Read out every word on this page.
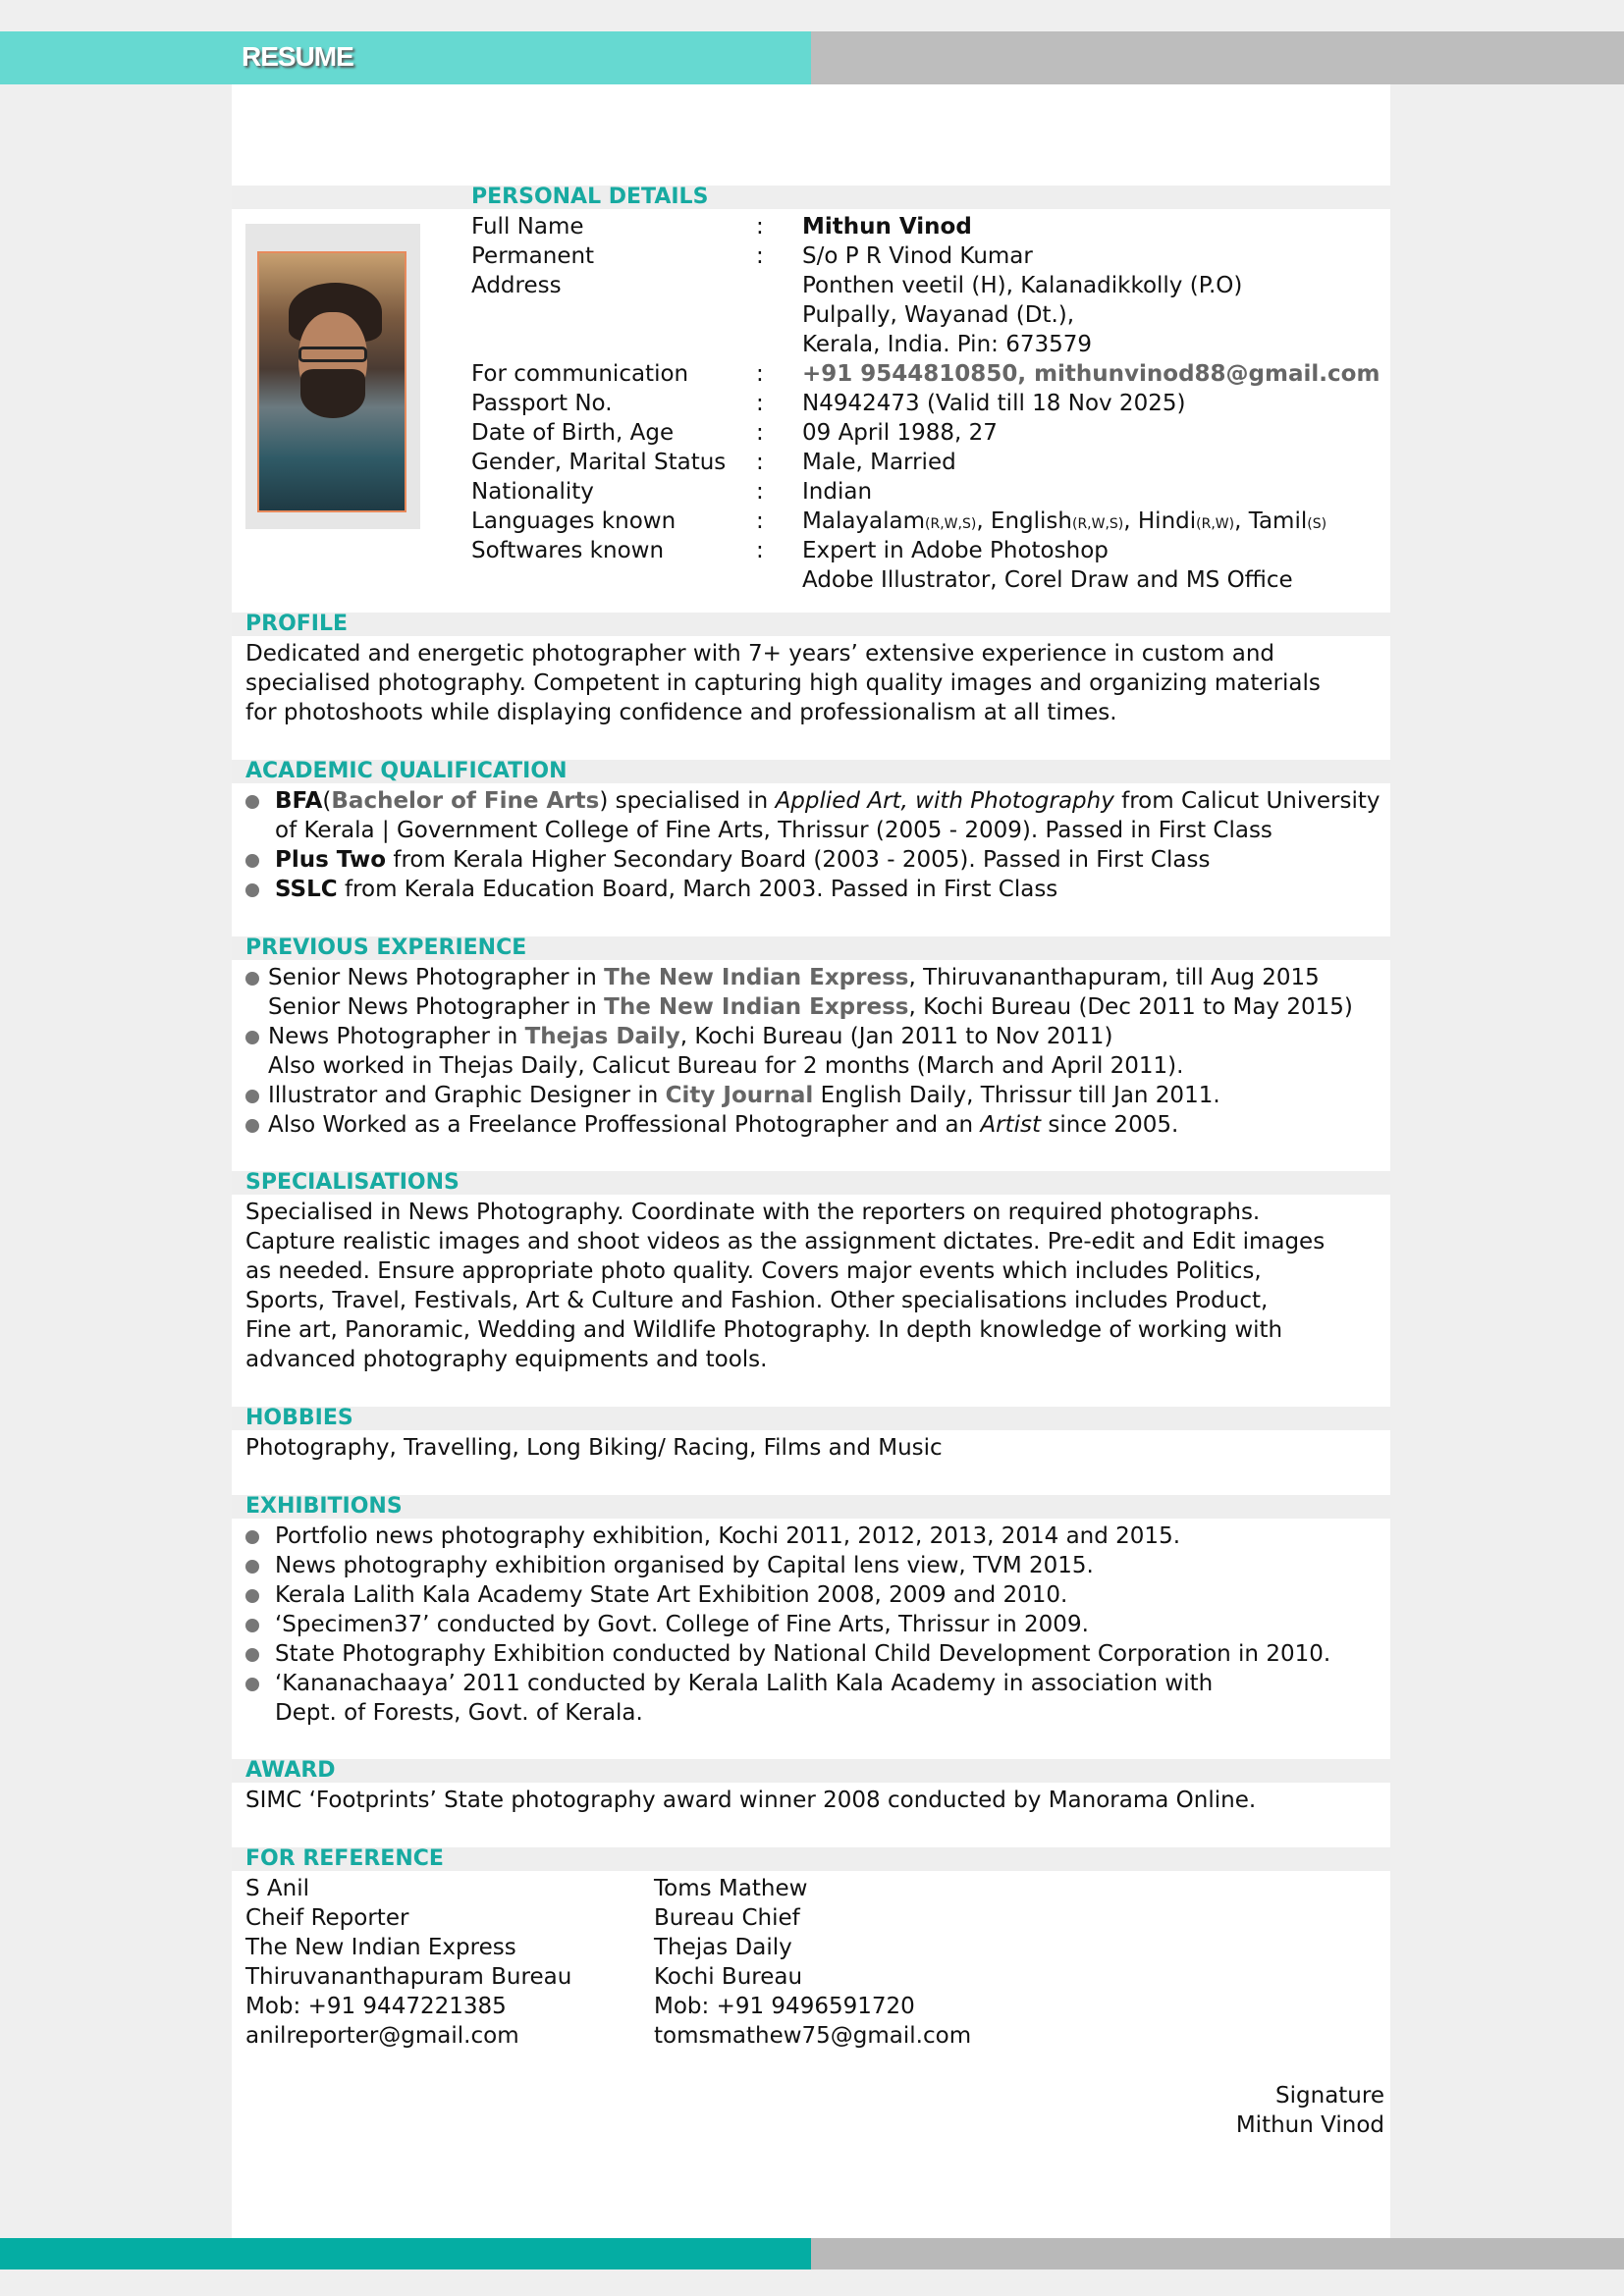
RESUME
PERSONAL DETAILS
Full Name	: Mithun Vinod
Permanent	: S/o P R Vinod Kumar
Address	Ponthen veetil (H), Kalanadikkolly (P.O)
Pulpally, Wayanad (Dt.),
Kerala, India. Pin: 673579
For communication	: +91 9544810850, mithunvinod88@gmail.com
Passport No.	: N4942473 (Valid till 18 Nov 2025)
Date of Birth, Age	: 09 April 1988, 27
Gender, Marital Status : Male, Married
Nationality	: Indian
Languages known	: Malayalam(R,W,S), English(R,W,S), Hindi(R,W), Tamil(S)
Softwares known	: Expert in Adobe Photoshop
Adobe Illustrator, Corel Draw and MS Office
PROFILE
Dedicated and energetic photographer with 7+ years’ extensive experience in custom and
specialised photography. Competent in capturing high quality images and organizing materials
for photoshoots while displaying confidence and professionalism at all times.
ACADEMIC QUALIFICATION
BFA(Bachelor of Fine Arts) specialised in Applied Art, with Photography from Calicut University
of Kerala | Government College of Fine Arts, Thrissur (2005 - 2009). Passed in First Class
Plus Two from Kerala Higher Secondary Board (2003 - 2005). Passed in First Class
SSLC from Kerala Education Board, March 2003. Passed in First Class
PREVIOUS EXPERIENCE
Senior News Photographer in The New Indian Express, Thiruvananthapuram, till Aug 2015
Senior News Photographer in The New Indian Express, Kochi Bureau (Dec 2011 to May 2015)
News Photographer in Thejas Daily, Kochi Bureau (Jan 2011 to Nov 2011)
Also worked in Thejas Daily, Calicut Bureau for 2 months (March and April 2011).
Illustrator and Graphic Designer in City Journal English Daily, Thrissur till Jan 2011.
Also Worked as a Freelance Proffessional Photographer and an Artist since 2005.
SPECIALISATIONS
Specialised in News Photography. Coordinate with the reporters on required photographs.
Capture realistic images and shoot videos as the assignment dictates. Pre-edit and Edit images
as needed. Ensure appropriate photo quality. Covers major events which includes Politics,
Sports, Travel, Festivals, Art & Culture and Fashion. Other specialisations includes Product,
Fine art, Panoramic, Wedding and Wildlife Photography. In depth knowledge of working with
advanced photography equipments and tools.
HOBBIES
Photography, Travelling, Long Biking/ Racing, Films and Music
EXHIBITIONS
Portfolio news photography exhibition, Kochi 2011, 2012, 2013, 2014 and 2015.
News photography exhibition organised by Capital lens view, TVM 2015.
Kerala Lalith Kala Academy State Art Exhibition 2008, 2009 and 2010.
‘Specimen37’ conducted by Govt. College of Fine Arts, Thrissur in 2009.
State Photography Exhibition conducted by National Child Development Corporation in 2010.
‘Kananachaaya’ 2011 conducted by Kerala Lalith Kala Academy in association with
Dept. of Forests, Govt. of Kerala.
AWARD
SIMC ‘Footprints’ State photography award winner 2008 conducted by Manorama Online.
FOR REFERENCE
S Anil
Cheif Reporter
The New Indian Express
Thiruvananthapuram Bureau
Mob: +91 9447221385
anilreporter@gmail.com
Toms Mathew
Bureau Chief
Thejas Daily
Kochi Bureau
Mob: +91 9496591720
tomsmathew75@gmail.com
Signature
Mithun Vinod
